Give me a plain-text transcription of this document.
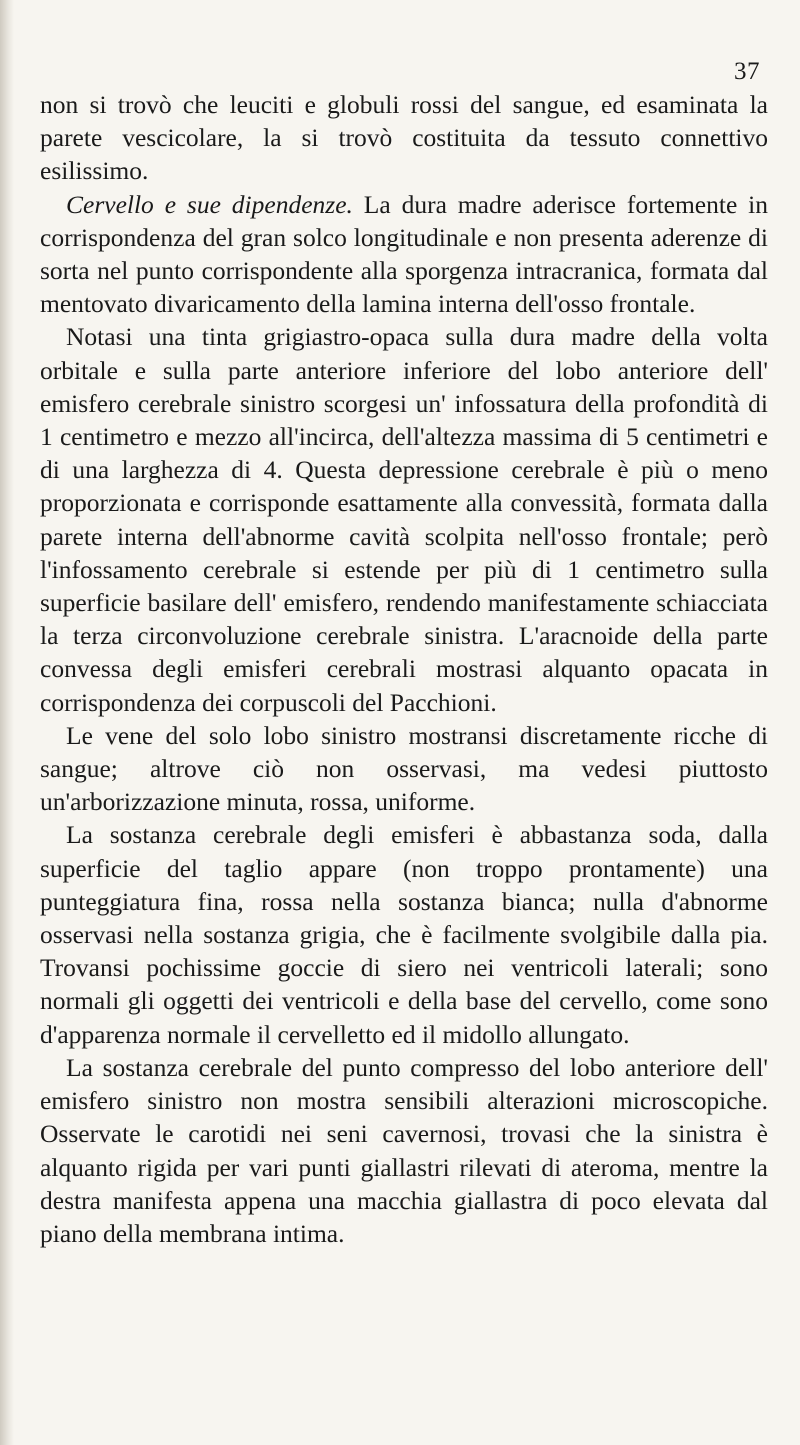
37

non si trovò che leuciti e globuli rossi del sangue, ed esaminata la parete vescicolare, la si trovò costituita da tessuto connettivo esilissimo.

Cervello e sue dipendenze. La dura madre aderisce fortemente in corrispondenza del gran solco longitudinale e non presenta aderenze di sorta nel punto corrispondente alla sporgenza intracranica, formata dal mentovato divaricamento della lamina interna dell'osso frontale.

Notasi una tinta grigiastro-opaca sulla dura madre della volta orbitale e sulla parte anteriore inferiore del lobo anteriore dell' emisfero cerebrale sinistro scorgesi un' infossatura della profondità di 1 centimetro e mezzo all'incirca, dell'altezza massima di 5 centimetri e di una larghezza di 4. Questa depressione cerebrale è più o meno proporzionata e corrisponde esattamente alla convessità, formata dalla parete interna dell'abnorme cavità scolpita nell'osso frontale; però l'infossamento cerebrale si estende per più di 1 centimetro sulla superficie basilare dell' emisfero, rendendo manifestamente schiacciata la terza circonvoluzione cerebrale sinistra. L'aracnoide della parte convessa degli emisferi cerebrali mostrasi alquanto opacata in corrispondenza dei corpuscoli del Pacchioni.

Le vene del solo lobo sinistro mostransi discretamente ricche di sangue; altrove ciò non osservasi, ma vedesi piuttosto un'arborizzazione minuta, rossa, uniforme.

La sostanza cerebrale degli emisferi è abbastanza soda, dalla superficie del taglio appare (non troppo prontamente) una punteggiatura fina, rossa nella sostanza bianca; nulla d'abnorme osservasi nella sostanza grigia, che è facilmente svolgibile dalla pia. Trovansi pochissime goccie di siero nei ventricoli laterali; sono normali gli oggetti dei ventricoli e della base del cervello, come sono d'apparenza normale il cervelletto ed il midollo allungato.

La sostanza cerebrale del punto compresso del lobo anteriore dell' emisfero sinistro non mostra sensibili alterazioni microscopiche. Osservate le carotidi nei seni cavernosi, trovasi che la sinistra è alquanto rigida per vari punti giallastri rilevati di ateroma, mentre la destra manifesta appena una macchia giallastra di poco elevata dal piano della membrana intima.
